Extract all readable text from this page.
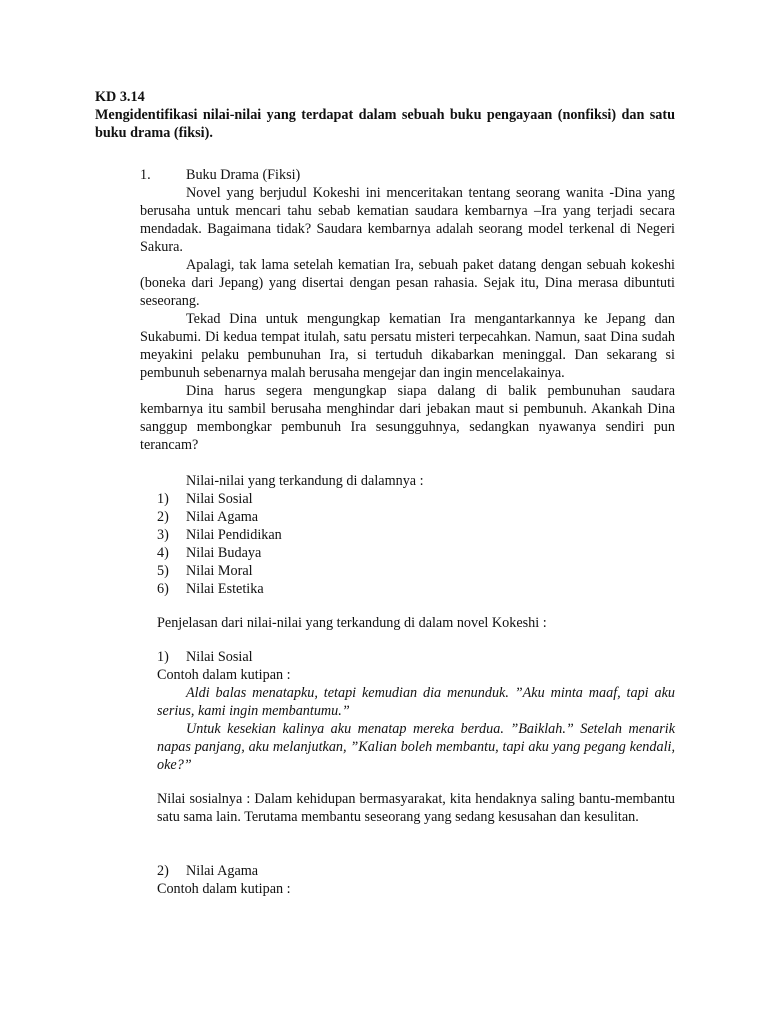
KD 3.14
Mengidentifikasi nilai-nilai yang terdapat dalam sebuah buku pengayaan (nonfiksi) dan satu buku drama (fiksi).
1. Buku Drama (Fiksi)
Novel yang berjudul Kokeshi ini menceritakan tentang seorang wanita -Dina yang berusaha untuk mencari tahu sebab kematian saudara kembarnya –Ira yang terjadi secara mendadak. Bagaimana tidak? Saudara kembarnya adalah seorang model terkenal di Negeri Sakura.
Apalagi, tak lama setelah kematian Ira, sebuah paket datang dengan sebuah kokeshi (boneka dari Jepang) yang disertai dengan pesan rahasia. Sejak itu, Dina merasa dibuntuti seseorang.
Tekad Dina untuk mengungkap kematian Ira mengantarkannya ke Jepang dan Sukabumi. Di kedua tempat itulah, satu persatu misteri terpecahkan. Namun, saat Dina sudah meyakini pelaku pembunuhan Ira, si tertuduh dikabarkan meninggal. Dan sekarang si pembunuh sebenarnya malah berusaha mengejar dan ingin mencelakainya.
Dina harus segera mengungkap siapa dalang di balik pembunuhan saudara kembarnya itu sambil berusaha menghindar dari jebakan maut si pembunuh. Akankah Dina sanggup membongkar pembunuh Ira sesungguhnya, sedangkan nyawanya sendiri pun terancam?
Nilai-nilai yang terkandung di dalamnya :
1) Nilai Sosial
2) Nilai Agama
3) Nilai Pendidikan
4) Nilai Budaya
5) Nilai Moral
6) Nilai Estetika
Penjelasan dari nilai-nilai yang terkandung di dalam novel Kokeshi :
1) Nilai Sosial
Contoh dalam kutipan :
Aldi balas menatapku, tetapi kemudian dia menunduk. ”Aku minta maaf, tapi aku serius, kami ingin membantumu.”
Untuk kesekian kalinya aku menatap mereka berdua. ”Baiklah.” Setelah menarik napas panjang, aku melanjutkan, ”Kalian boleh membantu, tapi aku yang pegang kendali, oke?”
Nilai sosialnya : Dalam kehidupan bermasyarakat, kita hendaknya saling bantu-membantu satu sama lain. Terutama membantu seseorang yang sedang kesusahan dan kesulitan.
2) Nilai Agama
Contoh dalam kutipan :
